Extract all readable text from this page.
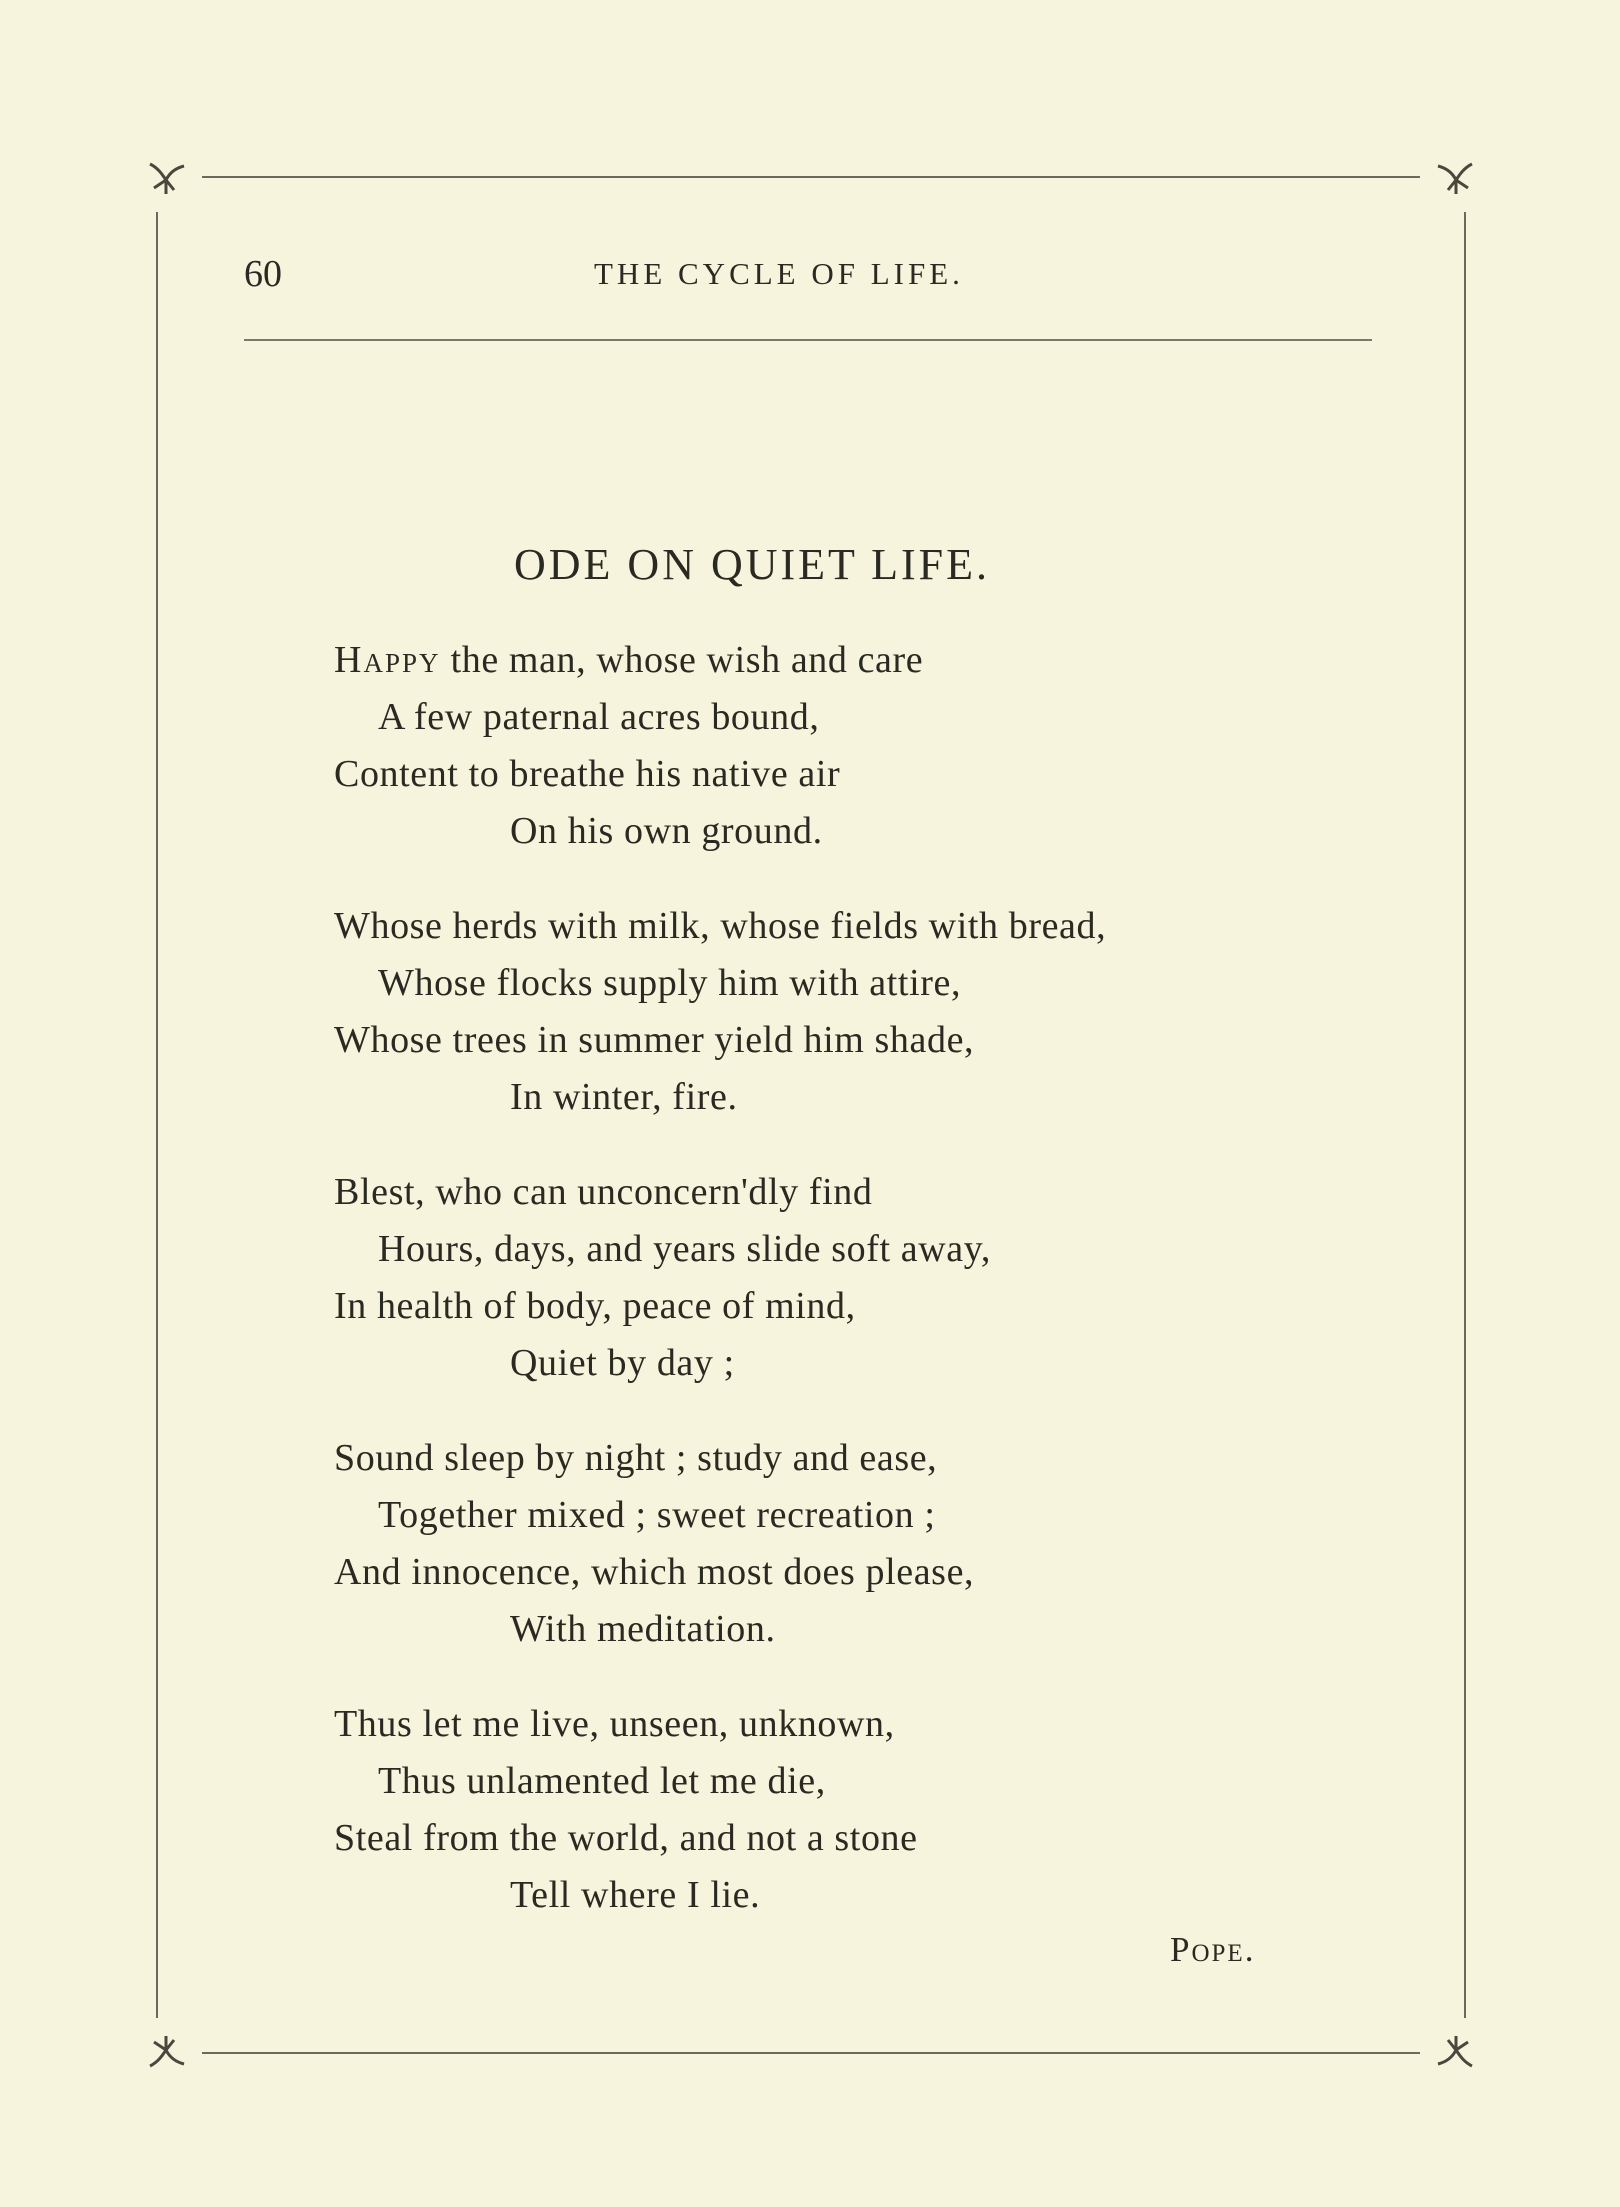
60	THE CYCLE OF LIFE.
ODE ON QUIET LIFE.
Happy the man, whose wish and care
A few paternal acres bound,
Content to breathe his native air
On his own ground.
Whose herds with milk, whose fields with bread,
Whose flocks supply him with attire,
Whose trees in summer yield him shade,
In winter, fire.
Blest, who can unconcern'dly find
Hours, days, and years slide soft away,
In health of body, peace of mind,
Quiet by day ;
Sound sleep by night ; study and ease,
Together mixed ; sweet recreation ;
And innocence, which most does please,
With meditation.
Thus let me live, unseen, unknown,
Thus unlamented let me die,
Steal from the world, and not a stone
Tell where I lie.
Pope.
